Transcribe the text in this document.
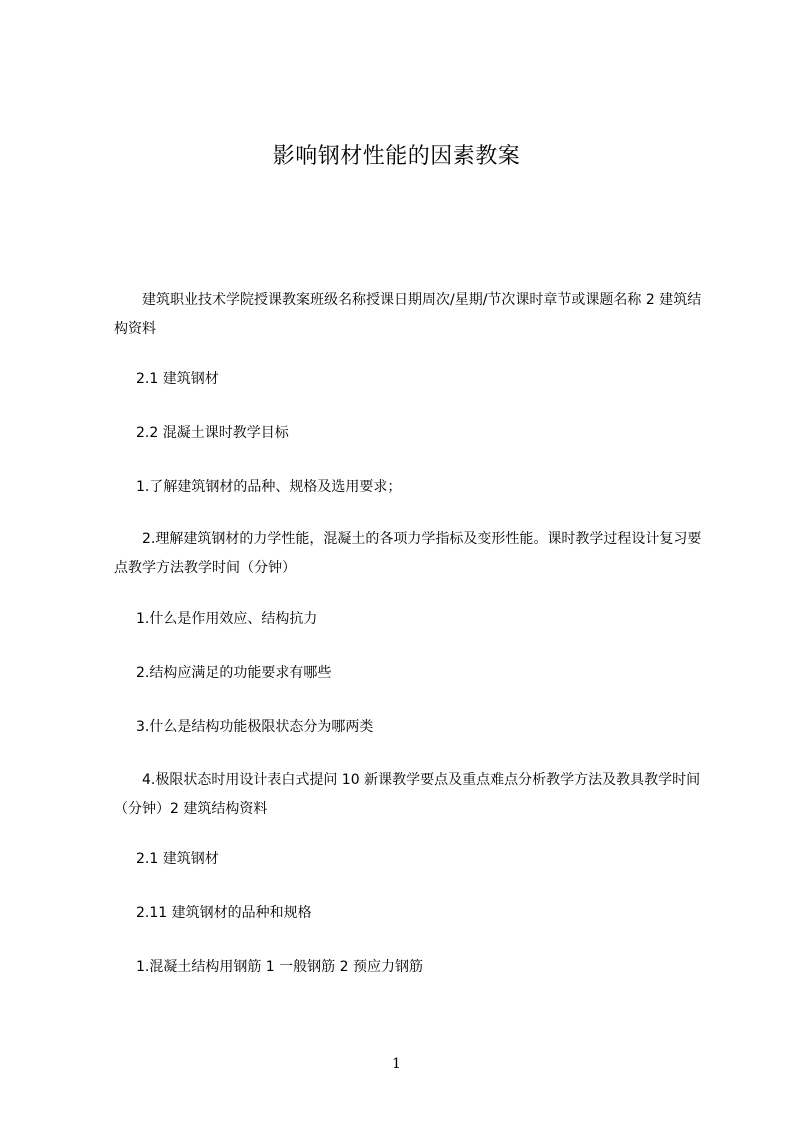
影响钢材性能的因素教案

建筑职业技术学院授课教案班级名称授课日期周次/星期/节次课时章节或课题名称 2 建筑结构资料

2.1 建筑钢材

2.2 混凝土课时教学目标

1.了解建筑钢材的品种、规格及选用要求；

2.理解建筑钢材的力学性能，混凝土的各项力学指标及变形性能。课时教学过程设计复习要点教学方法教学时间（分钟）

1.什么是作用效应、结构抗力

2.结构应满足的功能要求有哪些

3.什么是结构功能极限状态分为哪两类

4.极限状态时用设计表白式提问 10 新课教学要点及重点难点分析教学方法及教具教学时间（分钟）2 建筑结构资料

2.1 建筑钢材

2.11 建筑钢材的品种和规格

1.混凝土结构用钢筋 1 一般钢筋 2 预应力钢筋

1
